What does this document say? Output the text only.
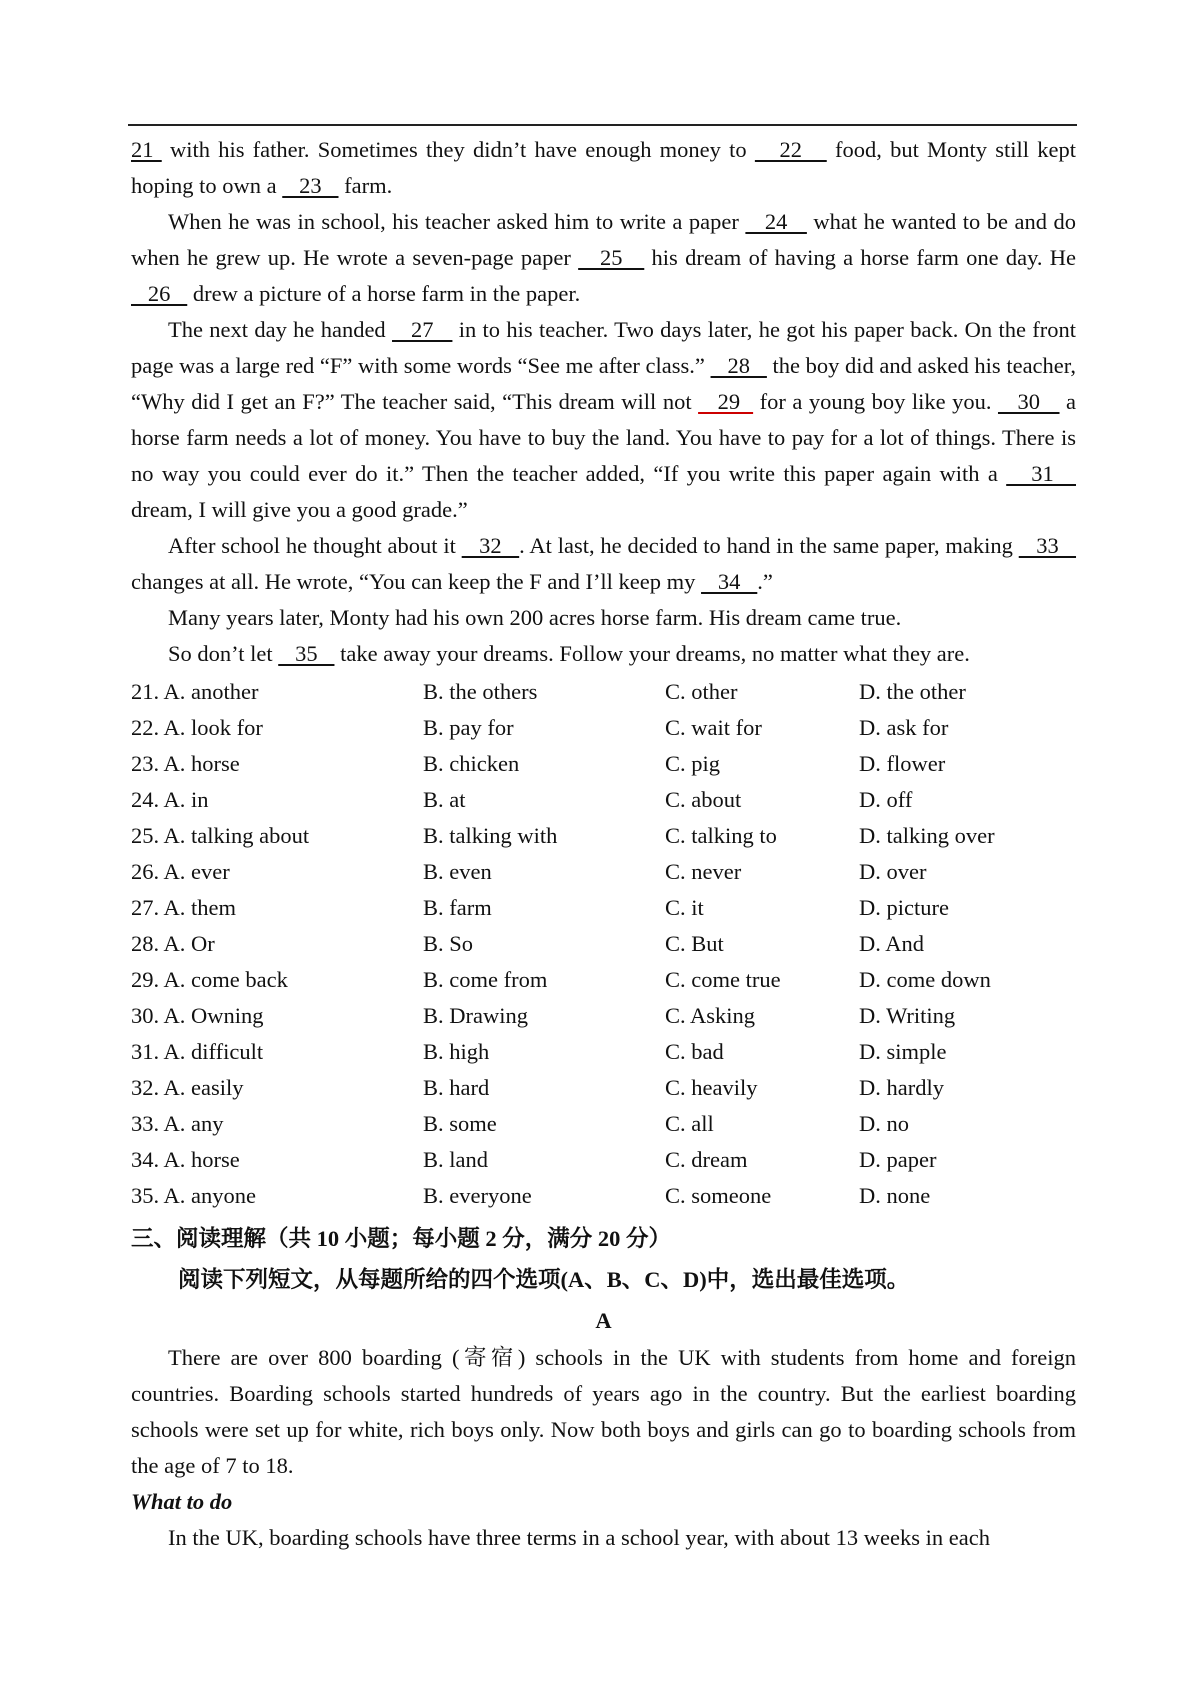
21  with his father. Sometimes they didn’t have enough money to    22    food, but Monty still kept hoping to own a    23    farm.

When he was in school, his teacher asked him to write a paper    24    what he wanted to be and do when he grew up. He wrote a seven-page paper    25    his dream of having a horse farm one day. He    26    drew a picture of a horse farm in the paper.

The next day he handed    27    in to his teacher. Two days later, he got his paper back. On the front page was a large red “F” with some words “See me after class.”    28    the boy did and asked his teacher, “Why did I get an F?” The teacher said, “This dream will not    29   for a young boy like you.    30    a horse farm needs a lot of money. You have to buy the land. You have to pay for a lot of things. There is no way you could ever do it.” Then the teacher added, “If you write this paper again with a    31    dream, I will give you a good grade.”

After school he thought about it    32   . At last, he decided to hand in the same paper, making    33    changes at all. He wrote, “You can keep the F and I’ll keep my    34   .”

Many years later, Monty had his own 200 acres horse farm. His dream came true.

So don’t let    35    take away your dreams. Follow your dreams, no matter what they are.

21. A. another	B. the others	C. other	D. the other
22. A. look for	B. pay for	C. wait for	D. ask for
23. A. horse	B. chicken	C. pig	D. flower
24. A. in	B. at	C. about	D. off
25. A. talking about	B. talking with	C. talking to	D. talking over
26. A. ever	B. even	C. never	D. over
27. A. them	B. farm	C. it	D. picture
28. A. Or	B. So	C. But	D. And
29. A. come back	B. come from	C. come true	D. come down
30. A. Owning	B. Drawing	C. Asking	D. Writing
31. A. difficult	B. high	C. bad	D. simple
32. A. easily	B. hard	C. heavily	D. hardly
33. A. any	B. some	C. all	D. no
34. A. horse	B. land	C. dream	D. paper
35. A. anyone	B. everyone	C. someone	D. none

三、阅读理解（共 10 小题；每小题 2 分，满分 20 分）

阅读下列短文，从每题所给的四个选项(A、B、C、D)中，选出最佳选项。

A

There are over 800 boarding (寄宿) schools in the UK with students from home and foreign countries. Boarding schools started hundreds of years ago in the country. But the earliest boarding schools were set up for white, rich boys only. Now both boys and girls can go to boarding schools from the age of 7 to 18.

What to do

In the UK, boarding schools have three terms in a school year, with about 13 weeks in each
